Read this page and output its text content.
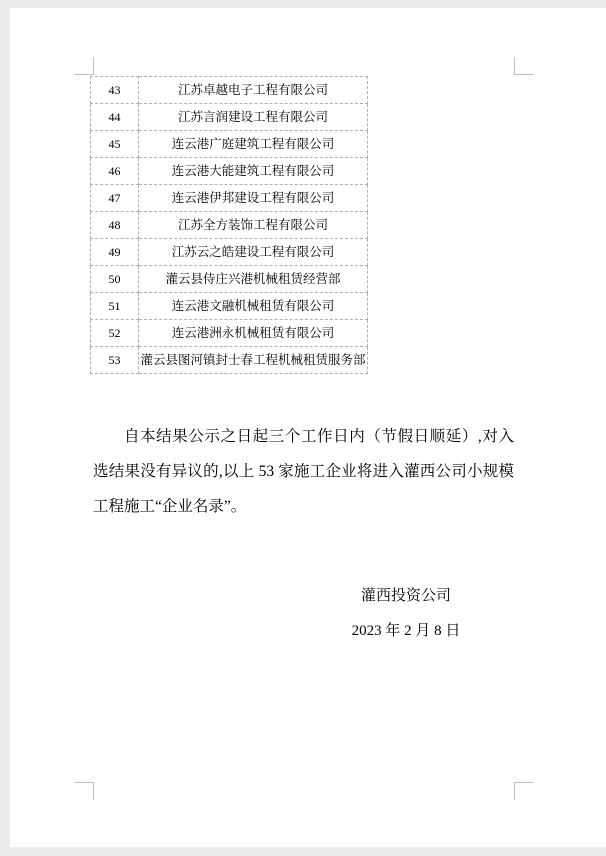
43	江苏卓越电子工程有限公司
44	江苏言润建设工程有限公司
45	连云港广庭建筑工程有限公司
46	连云港大能建筑工程有限公司
47	连云港伊邦建设工程有限公司
48	江苏全方装饰工程有限公司
49	江苏云之皓建设工程有限公司
50	灌云县侍庄兴港机械租赁经营部
51	连云港文融机械租赁有限公司
52	连云港洲永机械租赁有限公司
53	灌云县图河镇封士春工程机械租赁服务部
自本结果公示之日起三个工作日内（节假日顺延）,对入选结果没有异议的,以上 53 家施工企业将进入灌西公司小规模工程施工“企业名录”。
灌西投资公司
2023 年 2 月 8 日
